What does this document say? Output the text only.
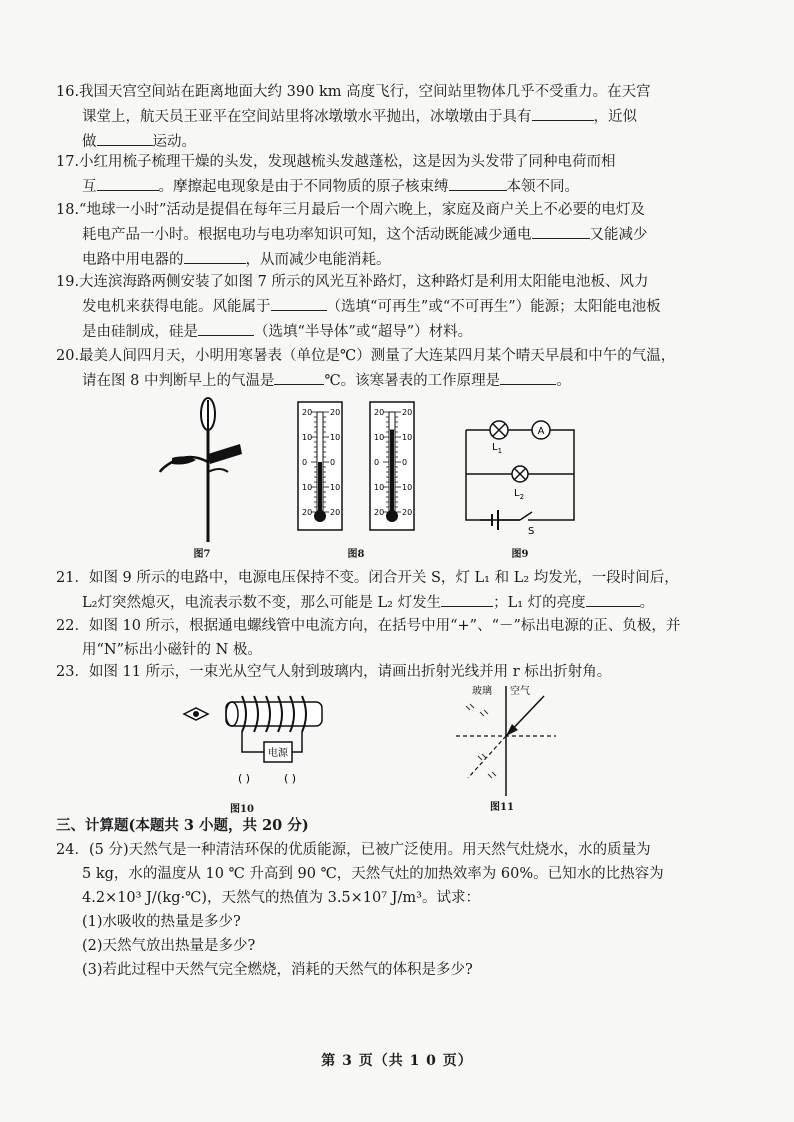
16.我国天宫空间站在距离地面大约 390 km 高度飞行，空间站里物体几乎不受重力。在天宫
课堂上，航天员王亚平在空间站里将冰墩墩水平抛出，冰墩墩由于具有	，近似
做	运动。
17.小红用梳子梳理干燥的头发，发现越梳头发越蓬松，这是因为头发带了同种电荷而相
互	。摩擦起电现象是由于不同物质的原子核束缚	本领不同。
18.“地球一小时”活动是提倡在每年三月最后一个周六晚上，家庭及商户关上不必要的电灯及
耗电产品一小时。根据电功与电功率知识可知，这个活动既能减少通电	又能减少
电路中用电器的	，从而减少电能消耗。
19.大连滨海路两侧安装了如图 7 所示的风光互补路灯，这种路灯是利用太阳能电池板、风力
发电机来获得电能。风能属于	（选填“可再生”或“不可再生”）能源；太阳能电池板
是由硅制成，硅是	（选填“半导体”或“超导”）材料。
20.最美人间四月天，小明用寒暑表（单位是℃）测量了大连某四月某个晴天早晨和中午的气温，
请在图 8 中判断早上的气温是	℃。该寒暑表的工作原理是	。
图7
20 20
10 10
0	0
10 10
20 20
20 20
10 10
0	0
10 10
20 20
图8
A
$L_1$
$L_2$
S
图9
21．如图 9 所示的电路中，电源电压保持不变。闭合开关 S，灯 L₁ 和 L₂ 均发光，一段时间后，
L₂灯突然熄灭，电流表示数不变，那么可能是 L₂ 灯发生	；L₁ 灯的亮度	。
22．如图 10 所示，根据通电螺线管中电流方向，在括号中用“+”、“－”标出电源的正、负极，并
用“N”标出小磁针的 N 极。
23．如图 11 所示，一束光从空气人射到玻璃内，请画出折射光线并用 r 标出折射角。
电源
( )	( )
图10
玻璃 空气
图11
三、计算题(本题共 3 小题，共 20 分)
24．(5 分)天然气是一种清洁环保的优质能源，已被广泛使用。用天然气灶烧水，水的质量为
5 kg，水的温度从 10 ℃ 升高到 90 ℃，天然气灶的加热效率为 60%。已知水的比热容为
4.2×10³ J/(kg·℃)，天然气的热值为 3.5×10⁷ J/m³。试求：
(1)水吸收的热量是多少?
(2)天然气放出热量是多少?
(3)若此过程中天然气完全燃烧，消耗的天然气的体积是多少?
第 3 页（共 1 0 页）
